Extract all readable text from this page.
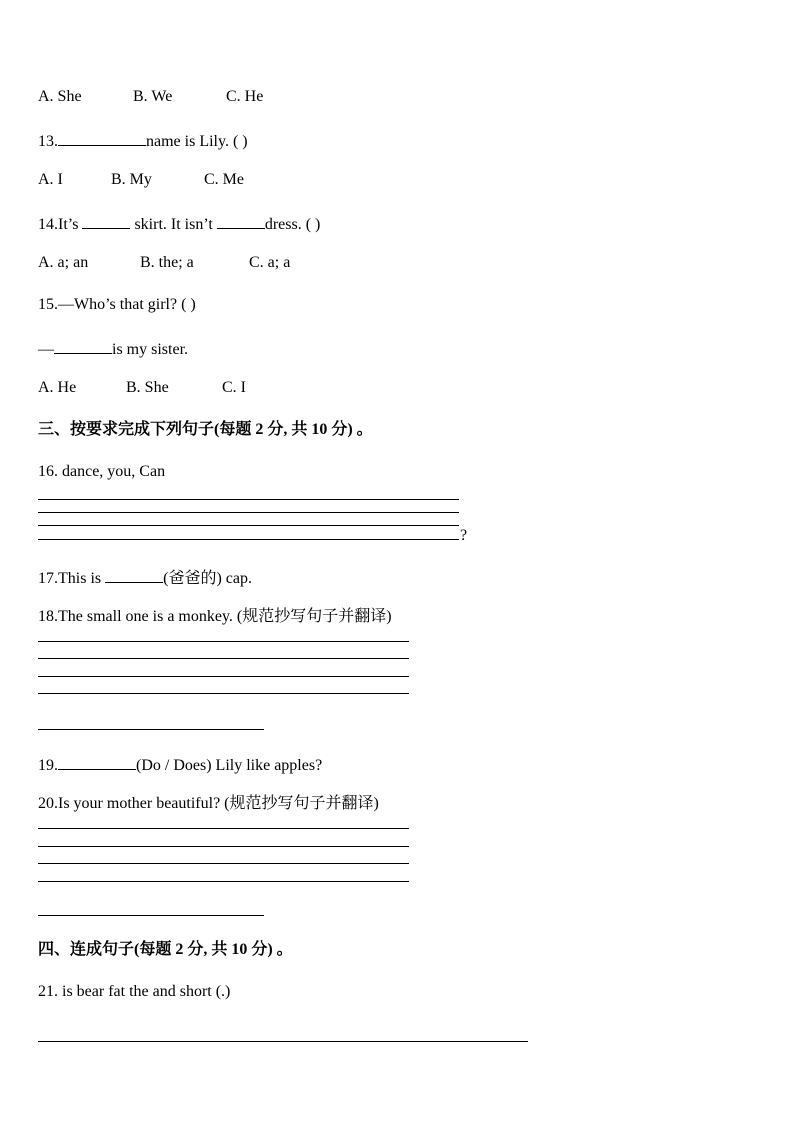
A. She	B. We	C. He
13.	name is Lily. ( )
A. I	B. My	C. Me
14.It’s	skirt. It isn’t	dress. ( )
A. a; an	B. the; a	C. a; a
15.—Who’s that girl? ( )
—	is my sister.
A. He	B. She	C. I
三、按要求完成下列句子(每题 2 分, 共 10 分) 。
16. dance, you, Can
?
17.This is	(爸爸的) cap.
18.The small one is a monkey. (规范抄写句子并翻译)
19.	(Do / Does) Lily like apples?
20.Is your mother beautiful? (规范抄写句子并翻译)
四、连成句子(每题 2 分, 共 10 分) 。
21. is bear fat the and short (.)
